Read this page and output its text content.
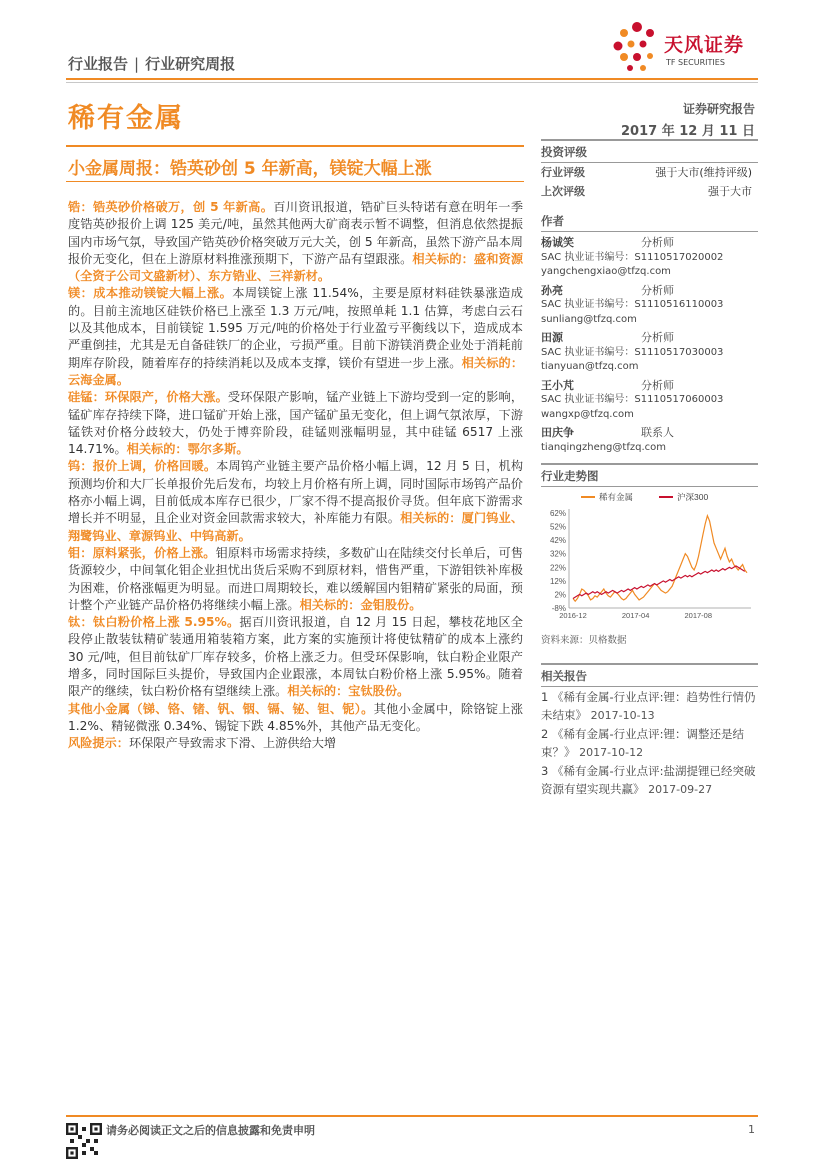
行业报告 | 行业研究周报
天风证券
TF SECURITIES
稀有金属	证券研究报告
2017 年 12 月 11 日
小金属周报：锆英砂创 5 年新高，镁锭大幅上涨

锆：锆英砂价格破万，创 5 年新高。百川资讯报道，锆矿巨头特诺有意在明年一季度锆英砂报价上调 125 美元/吨，虽然其他两大矿商表示暂不调整，但消息依然提振国内市场气氛，导致国产锆英砂价格突破万元大关，创 5 年新高，虽然下游产品本周报价无变化，但在上游原材料推涨预期下，下游产品有望跟涨。相关标的：盛和资源（全资子公司文盛新材）、东方锆业、三祥新材。

镁：成本推动镁锭大幅上涨。本周镁锭上涨 11.54%，主要是原材料硅铁暴涨造成的。目前主流地区硅铁价格已上涨至 1.3 万元/吨，按照单耗 1.1 估算，考虑白云石以及其他成本，目前镁锭 1.595 万元/吨的价格处于行业盈亏平衡线以下，造成成本严重倒挂，尤其是无自备硅铁厂的企业，亏损严重。目前下游镁消费企业处于消耗前期库存阶段，随着库存的持续消耗以及成本支撑，镁价有望进一步上涨。相关标的：云海金属。

硅锰：环保限产，价格大涨。受环保限产影响，锰产业链上下游均受到一定的影响，锰矿库存持续下降，进口锰矿开始上涨，国产锰矿虽无变化，但上调气氛浓厚，下游锰铁对价格分歧较大，仍处于博弈阶段，硅锰则涨幅明显，其中硅锰 6517 上涨 14.71%。相关标的：鄂尔多斯。

钨：报价上调，价格回暖。本周钨产业链主要产品价格小幅上调，12 月 5 日，机构预测均价和大厂长单报价先后发布，均较上月价格有所上调，同时国际市场钨产品价格亦小幅上调，目前低成本库存已很少，厂家不得不提高报价寻货。但年底下游需求增长并不明显，且企业对资金回款需求较大，补库能力有限。相关标的：厦门钨业、翔鹭钨业、章源钨业、中钨高新。

钼：原料紧张，价格上涨。钼原料市场需求持续，多数矿山在陆续交付长单后，可售货源较少，中间氧化钼企业担忧出货后采购不到原材料，惜售严重，下游钼铁补库极为困难，价格涨幅更为明显。而进口周期较长，难以缓解国内钼精矿紧张的局面，预计整个产业链产品价格仍将继续小幅上涨。相关标的：金钼股份。

钛：钛白粉价格上涨 5.95%。据百川资讯报道，自 12 月 15 日起，攀枝花地区全段停止散装钛精矿装通用箱装箱方案，此方案的实施预计将使钛精矿的成本上涨约 30 元/吨，但目前钛矿厂库存较多，价格上涨乏力。但受环保影响，钛白粉企业限产增多，同时国际巨头提价，导致国内企业跟涨，本周钛白粉价格上涨 5.95%。随着限产的继续，钛白粉价格有望继续上涨。相关标的：宝钛股份。

其他小金属（锑、铬、锗、钒、铟、镉、铋、钽、铌）。其他小金属中，除铬锭上涨 1.2%、精铋微涨 0.34%、锡锭下跌 4.85%外，其他产品无变化。

风险提示：环保限产导致需求下滑、上游供给大增

投资评级
行业评级	强于大市(维持评级)
上次评级	强于大市
作者
杨诚笑	分析师
SAC 执业证书编号：S1110517020002
yangchengxiao@tfzq.com
孙亮	分析师
SAC 执业证书编号：S1110516110003
sunliang@tfzq.com
田源	分析师
SAC 执业证书编号：S1110517030003
tianyuan@tfzq.com
王小芃	分析师
SAC 执业证书编号：S1110517060003
wangxp@tfzq.com
田庆争	联系人
tianqingzheng@tfzq.com
行业走势图
62%
52%
42%
32%
22%
12%
2%
-8%
2016-12	2017-04	2017-08
稀有金属	沪深300
资料来源：贝格数据
相关报告
1 《稀有金属-行业点评:锂：趋势性行情仍未结束》 2017-10-13
2 《稀有金属-行业点评:锂：调整还是结束？》 2017-10-12
3 《稀有金属-行业点评:盐湖提锂已经突破 资源有望实现共赢》 2017-09-27
请务必阅读正文之后的信息披露和免责申明	1
